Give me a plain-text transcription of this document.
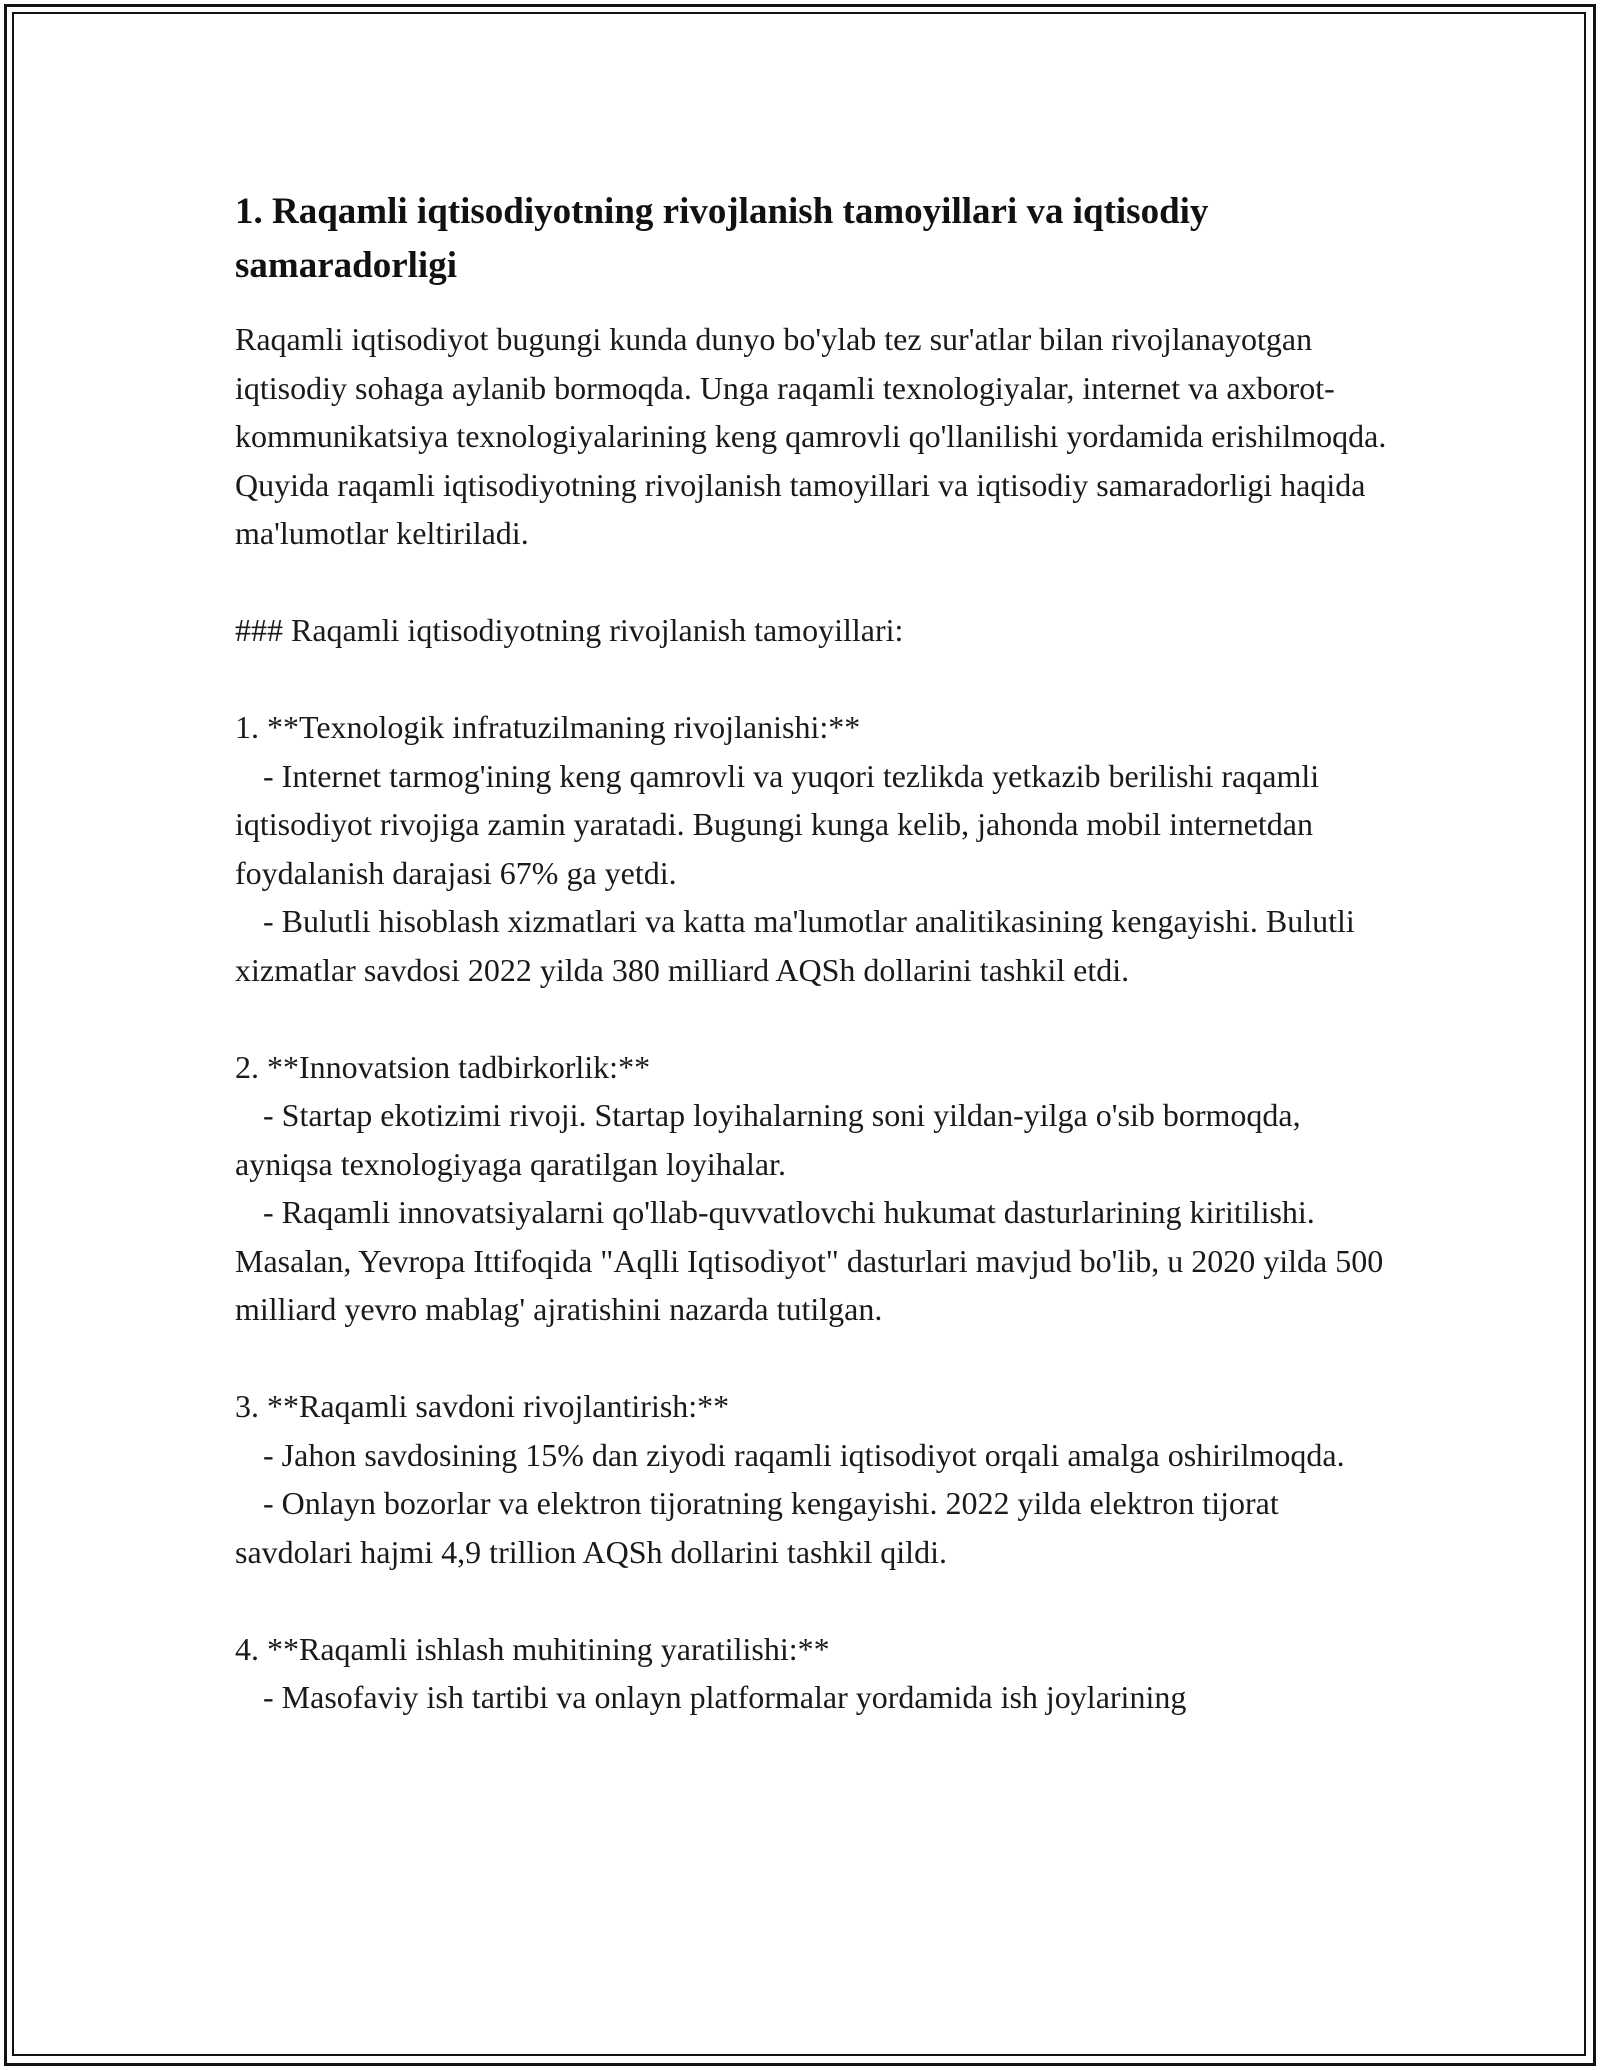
1. Raqamli iqtisodiyotning rivojlanish tamoyillari va iqtisodiy samaradorligi

Raqamli iqtisodiyot bugungi kunda dunyo bo'ylab tez sur'atlar bilan rivojlanayotgan iqtisodiy sohaga aylanib bormoqda. Unga raqamli texnologiyalar, internet va axborot-kommunikatsiya texnologiyalarining keng qamrovli qo'llanilishi yordamida erishilmoqda. Quyida raqamli iqtisodiyotning rivojlanish tamoyillari va iqtisodiy samaradorligi haqida ma'lumotlar keltiriladi.

### Raqamli iqtisodiyotning rivojlanish tamoyillari:

1. **Texnologik infratuzilmaning rivojlanishi:**

- Internet tarmog'ining keng qamrovli va yuqori tezlikda yetkazib berilishi raqamli iqtisodiyot rivojiga zamin yaratadi. Bugungi kunga kelib, jahonda mobil internetdan foydalanish darajasi 67% ga yetdi.

- Bulutli hisoblash xizmatlari va katta ma'lumotlar analitikasining kengayishi. Bulutli xizmatlar savdosi 2022 yilda 380 milliard AQSh dollarini tashkil etdi.

2. **Innovatsion tadbirkorlik:**

- Startap ekotizimi rivoji. Startap loyihalarning soni yildan-yilga o'sib bormoqda, ayniqsa texnologiyaga qaratilgan loyihalar.

- Raqamli innovatsiyalarni qo'llab-quvvatlovchi hukumat dasturlarining kiritilishi. Masalan, Yevropa Ittifoqida "Aqlli Iqtisodiyot" dasturlari mavjud bo'lib, u 2020 yilda 500 milliard yevro mablag' ajratishini nazarda tutilgan.

3. **Raqamli savdoni rivojlantirish:**

- Jahon savdosining 15% dan ziyodi raqamli iqtisodiyot orqali amalga oshirilmoqda.

- Onlayn bozorlar va elektron tijoratning kengayishi. 2022 yilda elektron tijorat savdolari hajmi 4,9 trillion AQSh dollarini tashkil qildi.

4. **Raqamli ishlash muhitining yaratilishi:**

- Masofaviy ish tartibi va onlayn platformalar yordamida ish joylarining
